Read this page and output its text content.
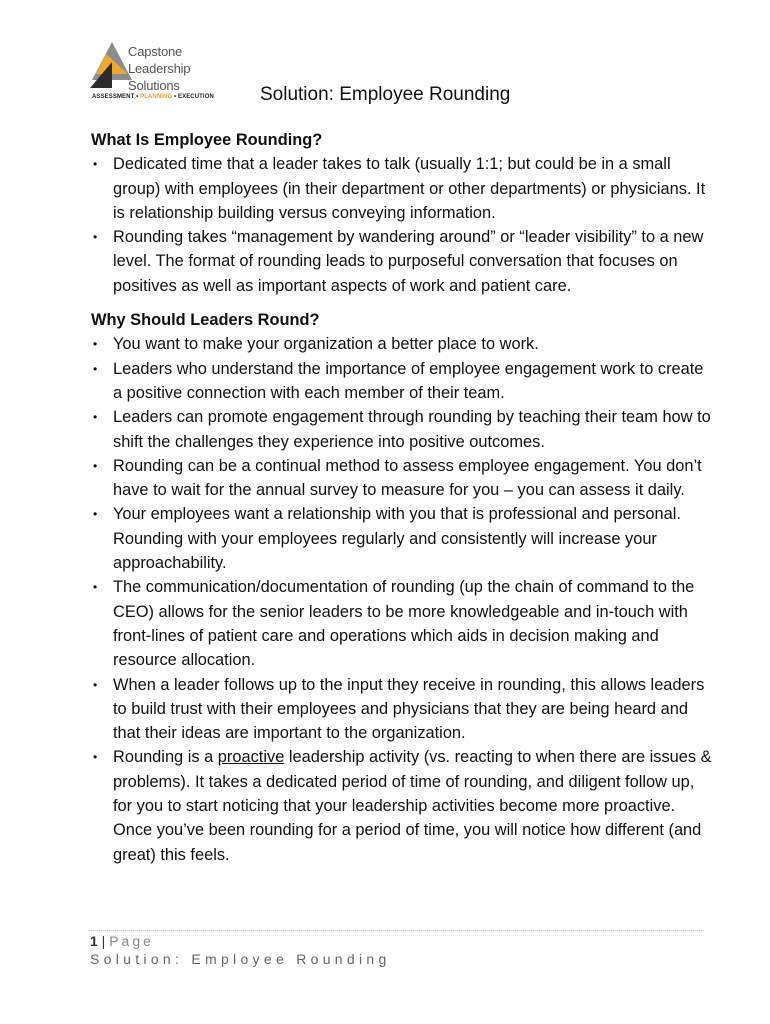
Capstone
Leadership
Solutions
ASSESSMENT • PLANNING • EXECUTION Solution: Employee Rounding

What Is Employee Rounding?

• Dedicated time that a leader takes to talk (usually 1:1; but could be in a small group) with employees (in their department or other departments) or physicians. It is relationship building versus conveying information.
• Rounding takes “management by wandering around” or “leader visibility” to a new level. The format of rounding leads to purposeful conversation that focuses on positives as well as important aspects of work and patient care.

Why Should Leaders Round?

• You want to make your organization a better place to work.
• Leaders who understand the importance of employee engagement work to create a positive connection with each member of their team.
• Leaders can promote engagement through rounding by teaching their team how to shift the challenges they experience into positive outcomes.
• Rounding can be a continual method to assess employee engagement. You don’t have to wait for the annual survey to measure for you – you can assess it daily.
• Your employees want a relationship with you that is professional and personal. Rounding with your employees regularly and consistently will increase your approachability.
• The communication/documentation of rounding (up the chain of command to the CEO) allows for the senior leaders to be more knowledgeable and in-touch with front-lines of patient care and operations which aids in decision making and resource allocation.
• When a leader follows up to the input they receive in rounding, this allows leaders to build trust with their employees and physicians that they are being heard and that their ideas are important to the organization.
• Rounding is a proactive leadership activity (vs. reacting to when there are issues & problems). It takes a dedicated period of time of rounding, and diligent follow up, for you to start noticing that your leadership activities become more proactive. Once you’ve been rounding for a period of time, you will notice how different (and great) this feels.
1 | Page
Solution: Employee Rounding
